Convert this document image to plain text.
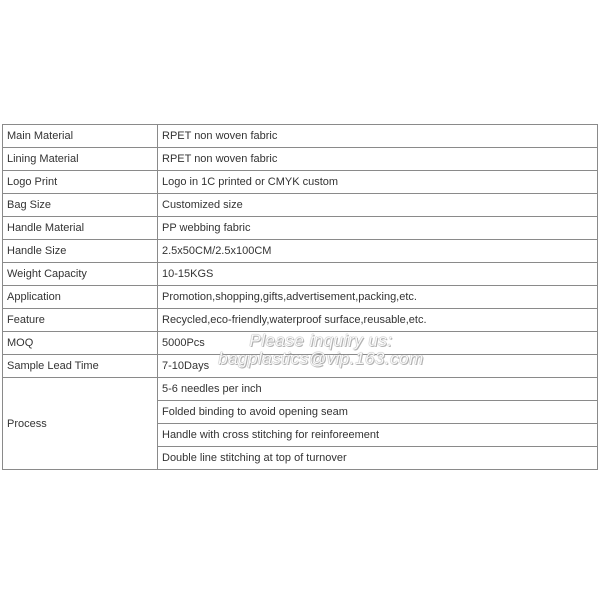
Main Material	RPET non woven fabric
Lining Material	RPET non woven fabric
Logo Print	Logo in 1C printed or CMYK custom
Bag Size	Customized size
Handle Material	PP webbing fabric
Handle Size	2.5x50CM/2.5x100CM
Weight Capacity	10-15KGS
Application	Promotion,shopping,gifts,advertisement,packing,etc.
Feature	Recycled,eco-friendly,waterproof surface,reusable,etc.
MOQ	5000Pcs
Sample Lead Time	7-10Days
Process	5-6 needles per inch
	Folded binding to avoid opening seam
	Handle with cross stitching for reinforeement
	Double line stitching at top of turnover
Please inquiry us:
bagplastics@vip.163.com
